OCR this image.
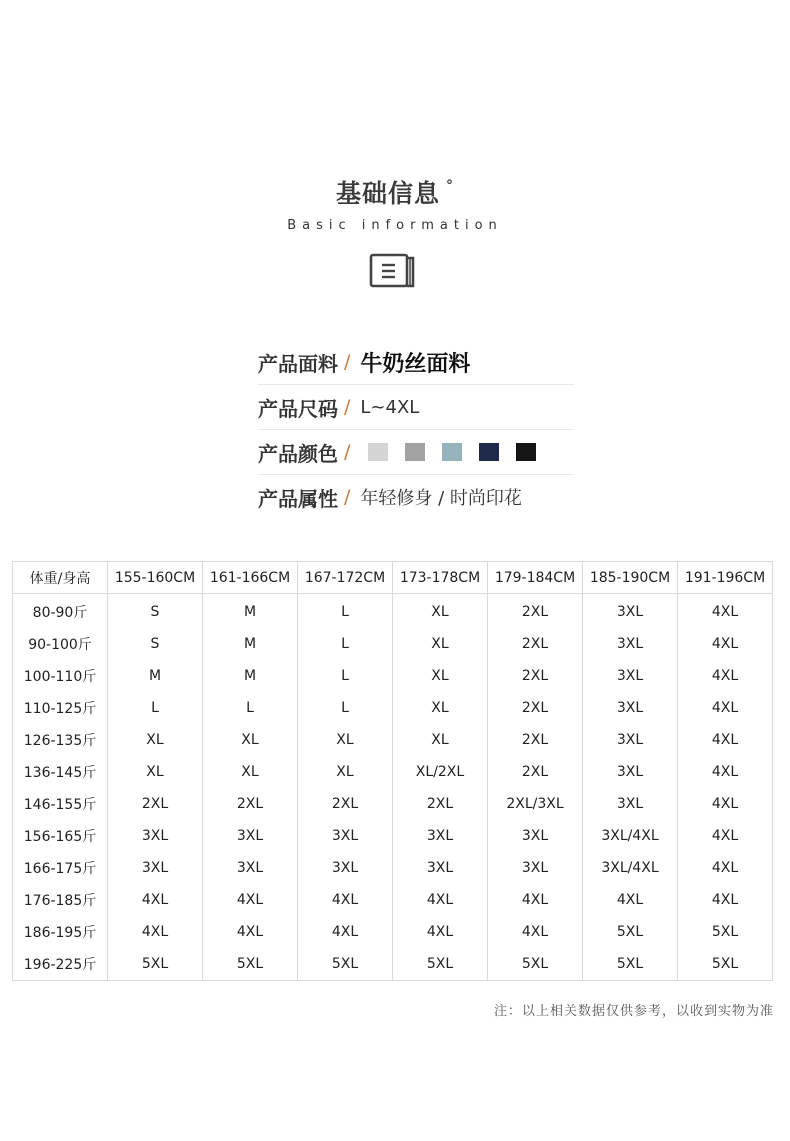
基础信息 °
Basic information
产品面料 / 牛奶丝面料
产品尺码 / L~4XL
产品颜色 /
产品属性 / 年轻修身 / 时尚印花
体重/身高	155-160CM	161-166CM	167-172CM	173-178CM	179-184CM	185-190CM	191-196CM
80-90斤	S	M	L	XL	2XL	3XL	4XL
90-100斤	S	M	L	XL	2XL	3XL	4XL
100-110斤	M	M	L	XL	2XL	3XL	4XL
110-125斤	L	L	L	XL	2XL	3XL	4XL
126-135斤	XL	XL	XL	XL	2XL	3XL	4XL
136-145斤	XL	XL	XL	XL/2XL	2XL	3XL	4XL
146-155斤	2XL	2XL	2XL	2XL	2XL/3XL	3XL	4XL
156-165斤	3XL	3XL	3XL	3XL	3XL	3XL/4XL	4XL
166-175斤	3XL	3XL	3XL	3XL	3XL	3XL/4XL	4XL
176-185斤	4XL	4XL	4XL	4XL	4XL	4XL	4XL
186-195斤	4XL	4XL	4XL	4XL	4XL	5XL	5XL
196-225斤	5XL	5XL	5XL	5XL	5XL	5XL	5XL
注：以上相关数据仅供参考，以收到实物为准
